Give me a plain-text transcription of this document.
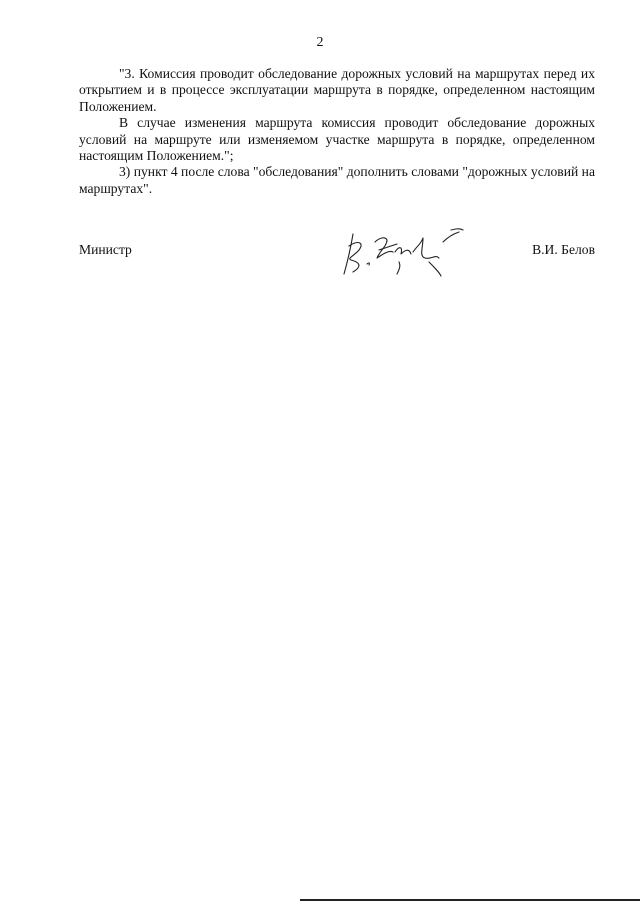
2

"3. Комиссия проводит обследование дорожных условий на маршрутах перед их открытием и в процессе эксплуатации маршрута в порядке, определенном настоящим Положением.

В случае изменения маршрута комиссия проводит обследование дорожных условий на маршруте или изменяемом участке маршрута в порядке, определенном настоящим Положением.";

3) пункт 4 после слова "обследования" дополнить словами "дорожных условий на маршрутах".

Министр	В.И. Белов
